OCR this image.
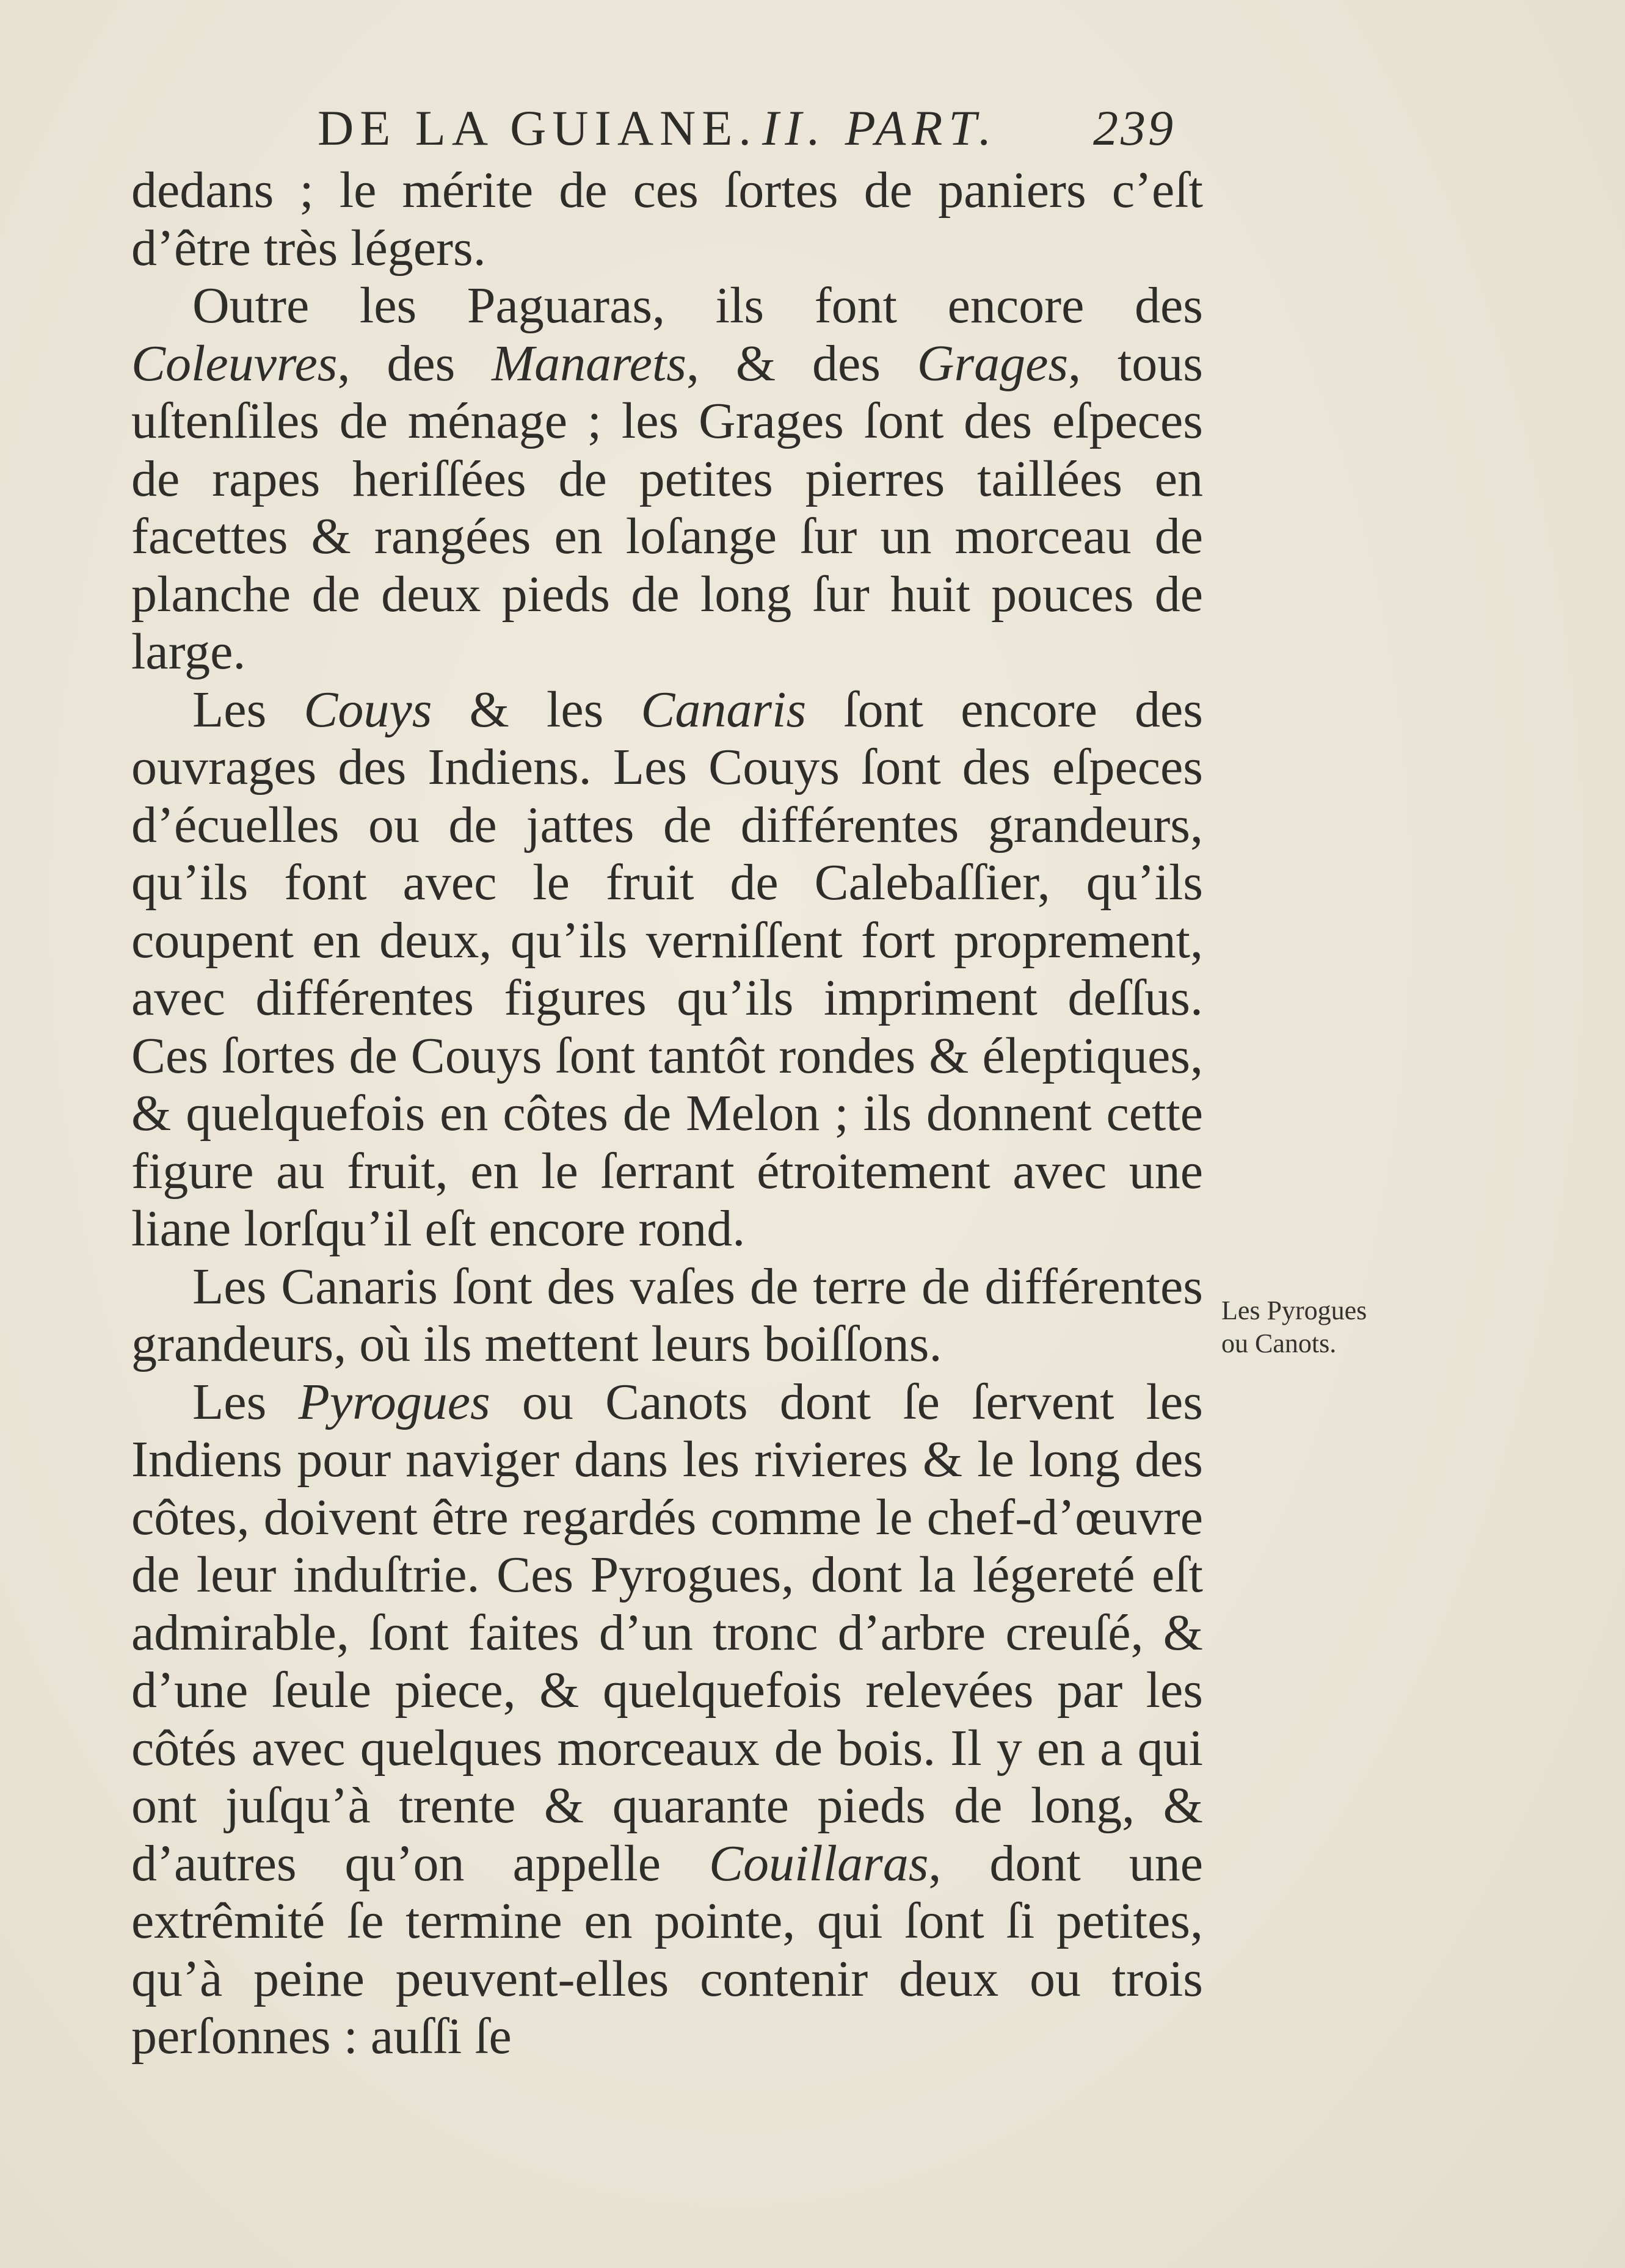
DE LA GUIANE. II. PART. 239

dedans ; le mérite de ces ſortes de paniers c’eſt d’être très légers.

Outre les Paguaras, ils font encore des Coleuvres, des Manarets, & des Grages, tous uſtenſiles de ménage ; les Grages ſont des eſpeces de rapes heriſſées de petites pierres taillées en facettes & rangées en loſange ſur un morceau de planche de deux pieds de long ſur huit pouces de large.

Les Couys & les Canaris ſont encore des ouvrages des Indiens. Les Couys ſont des eſpeces d’écuelles ou de jattes de différentes grandeurs, qu’ils font avec le fruit de Calebaſſier, qu’ils coupent en deux, qu’ils verniſſent fort proprement, avec différentes figures qu’ils impriment deſſus. Ces ſortes de Couys ſont tantôt rondes & éleptiques, & quelquefois en côtes de Melon ; ils donnent cette figure au fruit, en le ſerrant étroitement avec une liane lorſqu’il eſt encore rond.

Les Canaris ſont des vaſes de terre de différentes grandeurs, où ils mettent leurs boiſſons.

Les Pyrogues ou Canots dont ſe ſervent les Indiens pour naviger dans les rivieres & le long des côtes, doivent être regardés comme le chef-d’œuvre de leur induſtrie. Ces Pyrogues, dont la légereté eſt admirable, ſont faites d’un tronc d’arbre creuſé, & d’une ſeule piece, & quelquefois relevées par les côtés avec quelques morceaux de bois. Il y en a qui ont juſqu’à trente & quarante pieds de long, & d’autres qu’on appelle Couillaras, dont une extrêmité ſe termine en pointe, qui ſont ſi petites, qu’à peine peuvent-elles contenir deux ou trois perſonnes : auſſi ſe

Les Pyrogues
ou Canots.
